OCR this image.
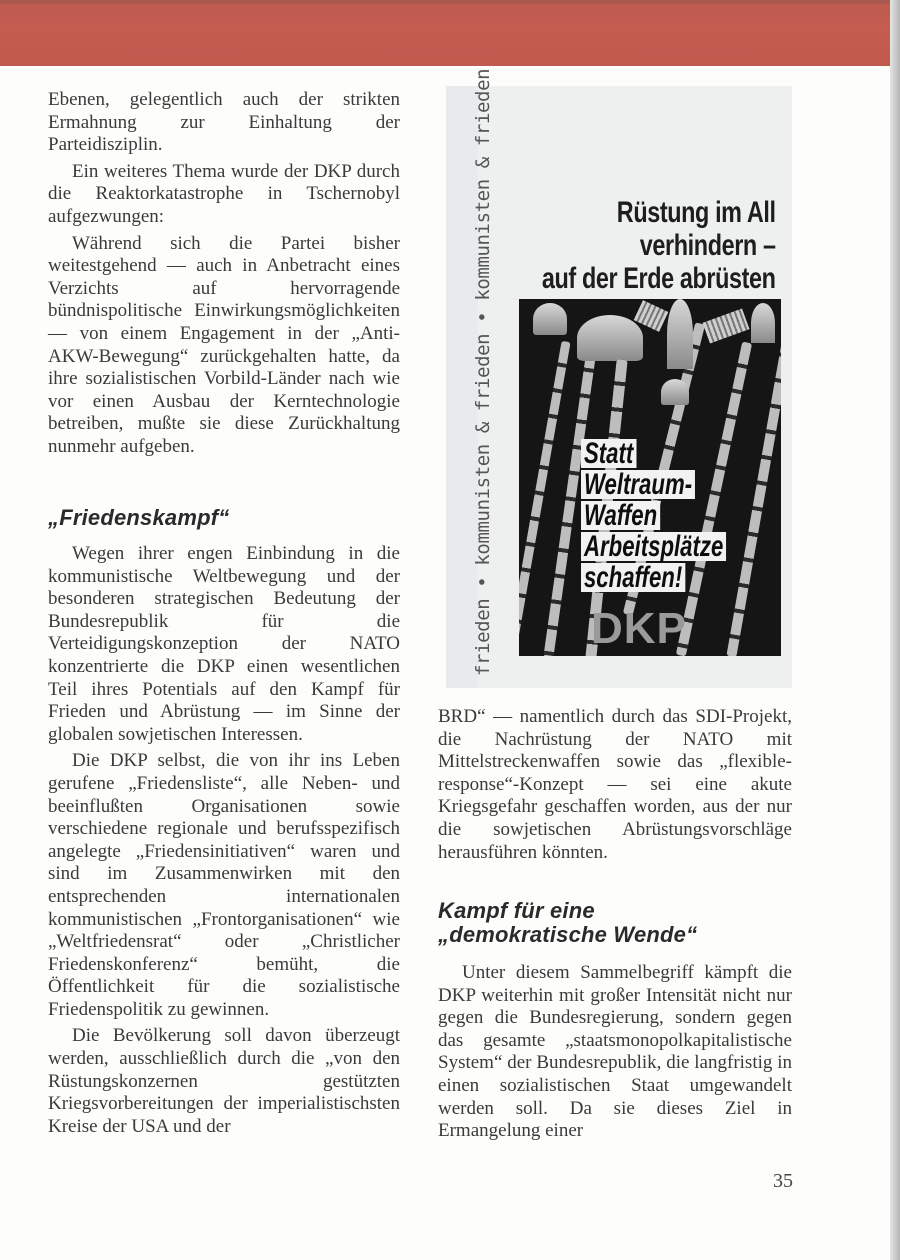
Ebenen, gelegentlich auch der strikten Ermahnung zur Einhaltung der Parteidisziplin.

Ein weiteres Thema wurde der DKP durch die Reaktorkatastrophe in Tschernobyl aufgezwungen:

Während sich die Partei bisher weitestgehend — auch in Anbetracht eines Verzichts auf hervorragende bündnispolitische Einwirkungsmöglichkeiten — von einem Engagement in der „Anti-AKW-Bewegung“ zurückgehalten hatte, da ihre sozialistischen Vorbild-Länder nach wie vor einen Ausbau der Kerntechnologie betreiben, mußte sie diese Zurückhaltung nunmehr aufgeben.

„Friedenskampf“

Wegen ihrer engen Einbindung in die kommunistische Weltbewegung und der besonderen strategischen Bedeutung der Bundesrepublik für die Verteidigungskonzeption der NATO konzentrierte die DKP einen wesentlichen Teil ihres Potentials auf den Kampf für Frieden und Abrüstung — im Sinne der globalen sowjetischen Interessen.

Die DKP selbst, die von ihr ins Leben gerufene „Friedensliste“, alle Neben- und beeinflußten Organisationen sowie verschiedene regionale und berufsspezifisch angelegte „Friedensinitiativen“ waren und sind im Zusammenwirken mit den entsprechenden internationalen kommunistischen „Frontorganisationen“ wie „Weltfriedensrat“ oder „Christlicher Friedenskonferenz“ bemüht, die Öffentlichkeit für die sozialistische Friedenspolitik zu gewinnen.

Die Bevölkerung soll davon überzeugt werden, ausschließlich durch die „von den Rüstungskonzernen gestützten Kriegsvorbereitungen der imperialistischsten Kreise der USA und der

frieden • kommunisten & frieden • kommunisten & frieden	Rüstung im All
verhindern –
auf der Erde abrüsten
Statt
Weltraum-
Waffen
Arbeitsplätze
schaffen!
DKP

BRD“ — namentlich durch das SDI-Projekt, die Nachrüstung der NATO mit Mittelstreckenwaffen sowie das „flexible-response“-Konzept — sei eine akute Kriegsgefahr geschaffen worden, aus der nur die sowjetischen Abrüstungsvorschläge herausführen könnten.

Kampf für eine
„demokratische Wende“

Unter diesem Sammelbegriff kämpft die DKP weiterhin mit großer Intensität nicht nur gegen die Bundesregierung, sondern gegen das gesamte „staatsmonopolkapitalistische System“ der Bundesrepublik, die langfristig in einen sozialistischen Staat umgewandelt werden soll. Da sie dieses Ziel in Ermangelung einer

35
